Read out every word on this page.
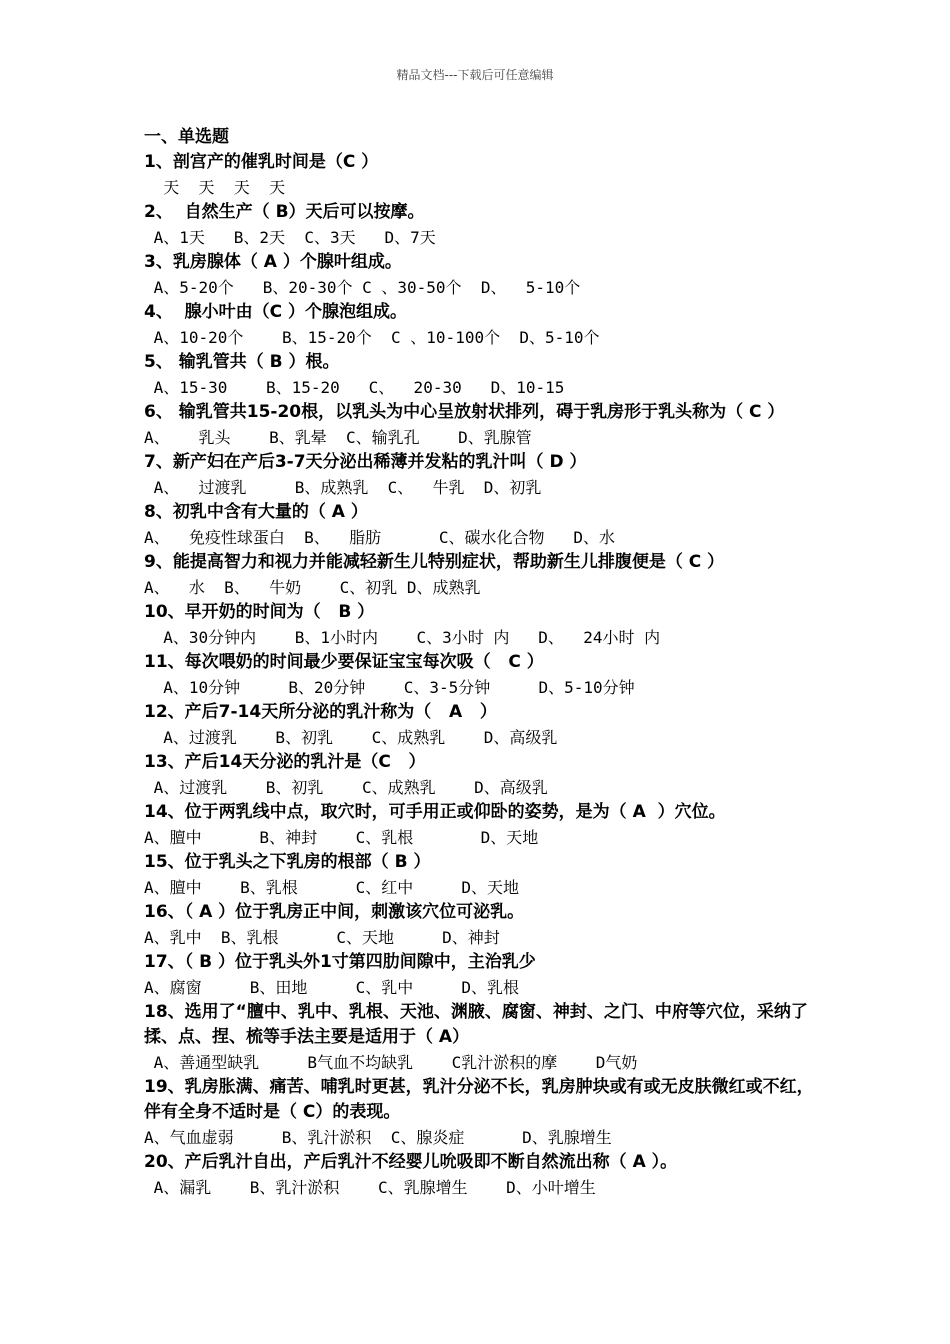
精品文档---下载后可任意编辑
一、单选题
1、剖宫产的催乳时间是（C ）
天  天  天  天
2、  自然生产（ B）天后可以按摩。
A、1天   B、2天  C、3天   D、7天
3、乳房腺体（ A ）个腺叶组成。
A、5-20个   B、20-30个 C 、30-50个  D、  5-10个
4、  腺小叶由（C ）个腺泡组成。
A、10-20个    B、15-20个  C 、10-100个  D、5-10个
5、 输乳管共（ B ）根。
A、15-30    B、15-20   C、  20-30   D、10-15
6、 输乳管共15-20根，以乳头为中心呈放射状排列，碍于乳房形于乳头称为（ C ）
A、   乳头    B、乳晕  C、输乳孔    D、乳腺管
7、新产妇在产后3-7天分泌出稀薄并发粘的乳汁叫（ D ）
A、  过渡乳     B、成熟乳  C、  牛乳  D、初乳
8、初乳中含有大量的（ A ）
A、  免疫性球蛋白  B、  脂肪      C、碳水化合物   D、水
9、能提高智力和视力并能减轻新生儿特别症状，帮助新生儿排腹便是（ C ）
A、  水  B、  牛奶    C、初乳 D、成熟乳
10、早开奶的时间为（   B ）
A、30分钟内    B、1小时内    C、3小时 内   D、  24小时 内
11、每次喂奶的时间最少要保证宝宝每次吸（   C ）
A、10分钟     B、20分钟    C、3-5分钟     D、5-10分钟
12、产后7-14天所分泌的乳汁称为（   A   ）
A、过渡乳    B、初乳    C、成熟乳    D、高级乳
13、产后14天分泌的乳汁是（C   ）
A、过渡乳    B、初乳    C、成熟乳    D、高级乳
14、位于两乳线中点，取穴时，可手用正或仰卧的姿势，是为（ A  ）穴位。
A、膻中      B、神封    C、乳根       D、天地
15、位于乳头之下乳房的根部（ B ）
A、膻中    B、乳根      C、红中     D、天地
16、（ A ）位于乳房正中间，刺激该穴位可泌乳。
A、乳中  B、乳根      C、天地     D、神封
17、（ B ）位于乳头外1寸第四肋间隙中，主治乳少
A、腐窗     B、田地     C、乳中     D、乳根
18、选用了“膻中、乳中、乳根、天池、渊腋、腐窗、神封、之门、中府等穴位，采纳了揉、点、捏、梳等手法主要是适用于（ A）
A、善通型缺乳     B气血不均缺乳    C乳汁淤积的摩    D气奶
19、乳房胀满、痛苦、哺乳时更甚，乳汁分泌不长，乳房肿块或有或无皮肤微红或不红，伴有全身不适时是（ C）的表现。
A、气血虚弱     B、乳汁淤积  C、腺炎症      D、乳腺增生
20、产后乳汁自出，产后乳汁不经婴儿吮吸即不断自然流出称（ A ）。
A、漏乳    B、乳汁淤积    C、乳腺增生    D、小叶增生
